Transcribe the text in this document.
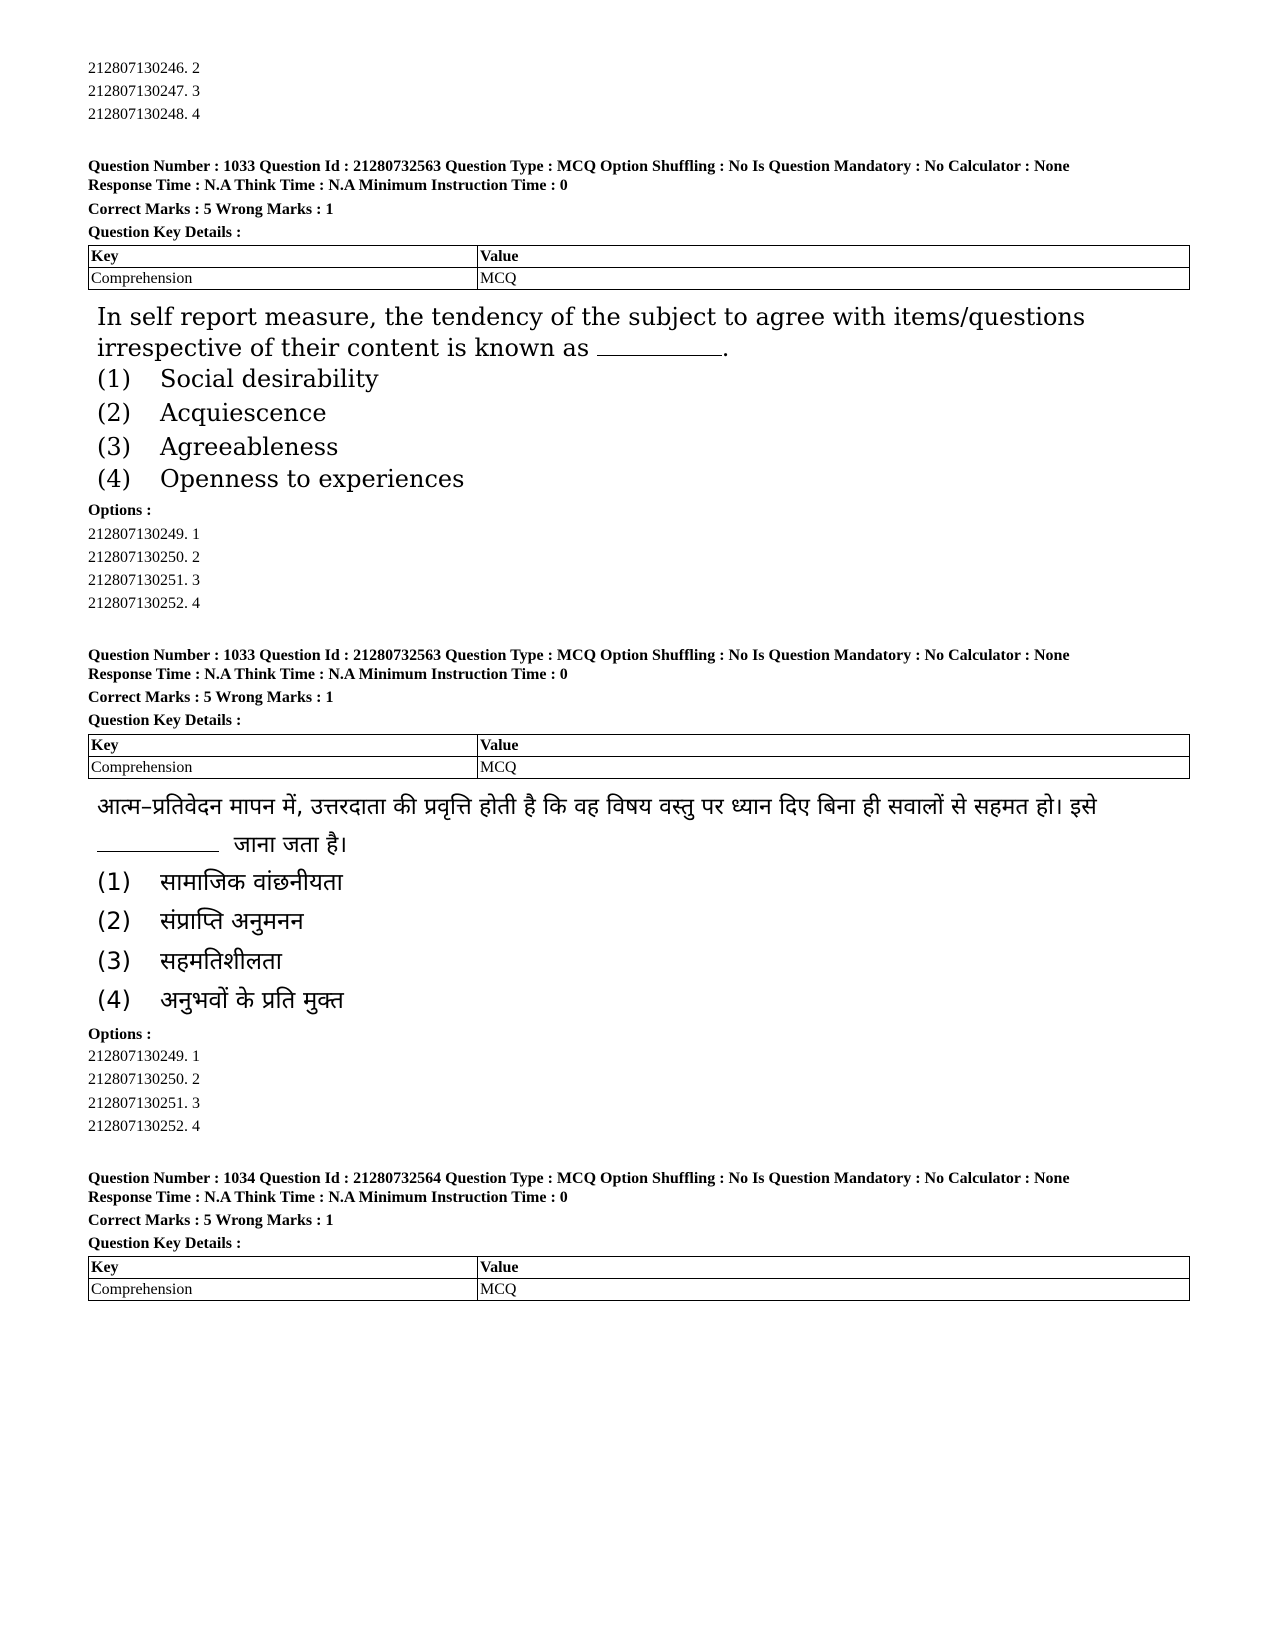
212807130246. 2
212807130247. 3
212807130248. 4
Question Number : 1033 Question Id : 21280732563 Question Type : MCQ Option Shuffling : No Is Question Mandatory : No Calculator : None
Response Time : N.A Think Time : N.A Minimum Instruction Time : 0
Correct Marks : 5 Wrong Marks : 1
Question Key Details :
Key	Value
Comprehension	MCQ
In self report measure, the tendency of the subject to agree with items/questions irrespective of their content is known as	.
(1) Social desirability
(2) Acquiescence
(3) Agreeableness
(4) Openness to experiences
Options :
212807130249. 1
212807130250. 2
212807130251. 3
212807130252. 4
Question Number : 1033 Question Id : 21280732563 Question Type : MCQ Option Shuffling : No Is Question Mandatory : No Calculator : None
Response Time : N.A Think Time : N.A Minimum Instruction Time : 0
Correct Marks : 5 Wrong Marks : 1
Question Key Details :
Key	Value
Comprehension	MCQ
आत्म–प्रतिवेदन मापन में, उत्तरदाता की प्रवृत्ति होती है कि वह विषय वस्तु पर ध्यान दिए बिना ही सवालों से सहमत हो। इसे
जाना जता है।
(1) सामाजिक वांछनीयता
(2) संप्राप्ति अनुमनन
(3) सहमतिशीलता
(4) अनुभवों के प्रति मुक्त
Options :
212807130249. 1
212807130250. 2
212807130251. 3
212807130252. 4
Question Number : 1034 Question Id : 21280732564 Question Type : MCQ Option Shuffling : No Is Question Mandatory : No Calculator : None
Response Time : N.A Think Time : N.A Minimum Instruction Time : 0
Correct Marks : 5 Wrong Marks : 1
Question Key Details :
Key	Value
Comprehension	MCQ
